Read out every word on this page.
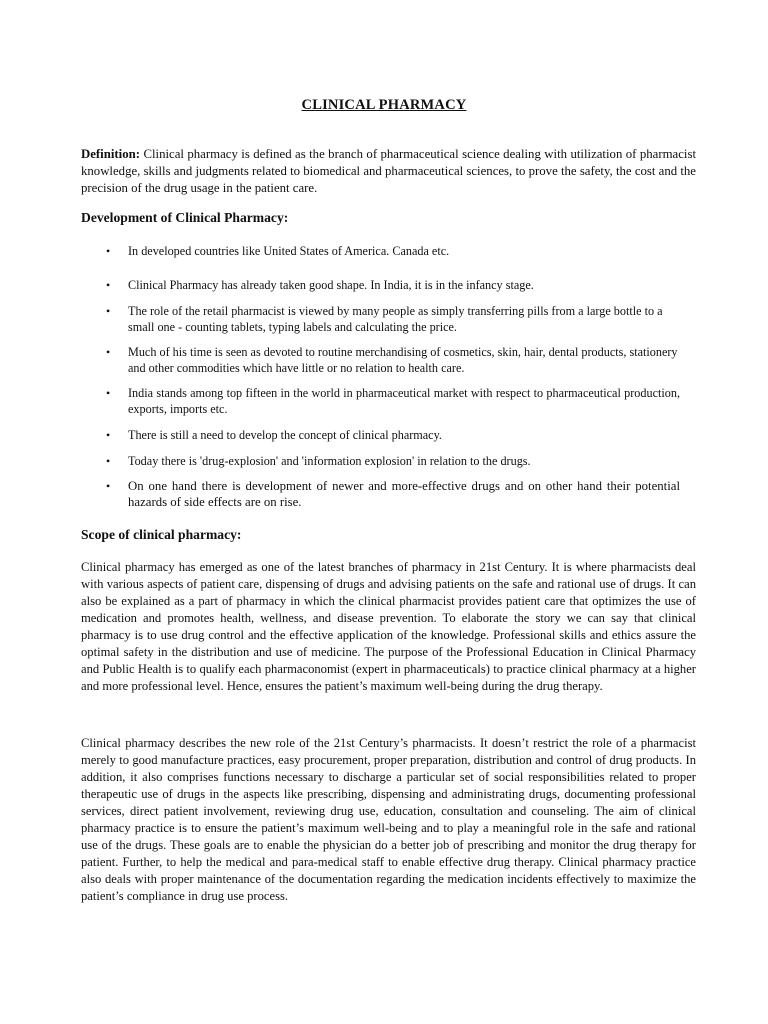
CLINICAL PHARMACY

Definition: Clinical pharmacy is defined as the branch of pharmaceutical science dealing with utilization of pharmacist knowledge, skills and judgments related to biomedical and pharmaceutical sciences, to prove the safety, the cost and the precision of the drug usage in the patient care.

Development of Clinical Pharmacy:
• In developed countries like United States of America. Canada etc.
• Clinical Pharmacy has already taken good shape. In India, it is in the infancy stage.
• The role of the retail pharmacist is viewed by many people as simply transferring pills from a large bottle to a small one - counting tablets, typing labels and calculating the price.
• Much of his time is seen as devoted to routine merchandising of cosmetics, skin, hair, dental products, stationery and other commodities which have little or no relation to health care.
• India stands among top fifteen in the world in pharmaceutical market with respect to pharmaceutical production, exports, imports etc.
• There is still a need to develop the concept of clinical pharmacy.
• Today there is 'drug-explosion' and 'information explosion' in relation to the drugs.
• On one hand there is development of newer and more-effective drugs and on other hand their potential hazards of side effects are on rise.
Scope of clinical pharmacy:

Clinical pharmacy has emerged as one of the latest branches of pharmacy in 21st Century. It is where pharmacists deal with various aspects of patient care, dispensing of drugs and advising patients on the safe and rational use of drugs. It can also be explained as a part of pharmacy in which the clinical pharmacist provides patient care that optimizes the use of medication and promotes health, wellness, and disease prevention. To elaborate the story we can say that clinical pharmacy is to use drug control and the effective application of the knowledge. Professional skills and ethics assure the optimal safety in the distribution and use of medicine. The purpose of the Professional Education in Clinical Pharmacy and Public Health is to qualify each pharmaconomist (expert in pharmaceuticals) to practice clinical pharmacy at a higher and more professional level. Hence, ensures the patient’s maximum well-being during the drug therapy.

Clinical pharmacy describes the new role of the 21st Century’s pharmacists. It doesn’t restrict the role of a pharmacist merely to good manufacture practices, easy procurement, proper preparation, distribution and control of drug products. In addition, it also comprises functions necessary to discharge a particular set of social responsibilities related to proper therapeutic use of drugs in the aspects like prescribing, dispensing and administrating drugs, documenting professional services, direct patient involvement, reviewing drug use, education, consultation and counseling. The aim of clinical pharmacy practice is to ensure the patient’s maximum well-being and to play a meaningful role in the safe and rational use of the drugs. These goals are to enable the physician do a better job of prescribing and monitor the drug therapy for patient. Further, to help the medical and para-medical staff to enable effective drug therapy. Clinical pharmacy practice also deals with proper maintenance of the documentation regarding the medication incidents effectively to maximize the patient’s compliance in drug use process.
